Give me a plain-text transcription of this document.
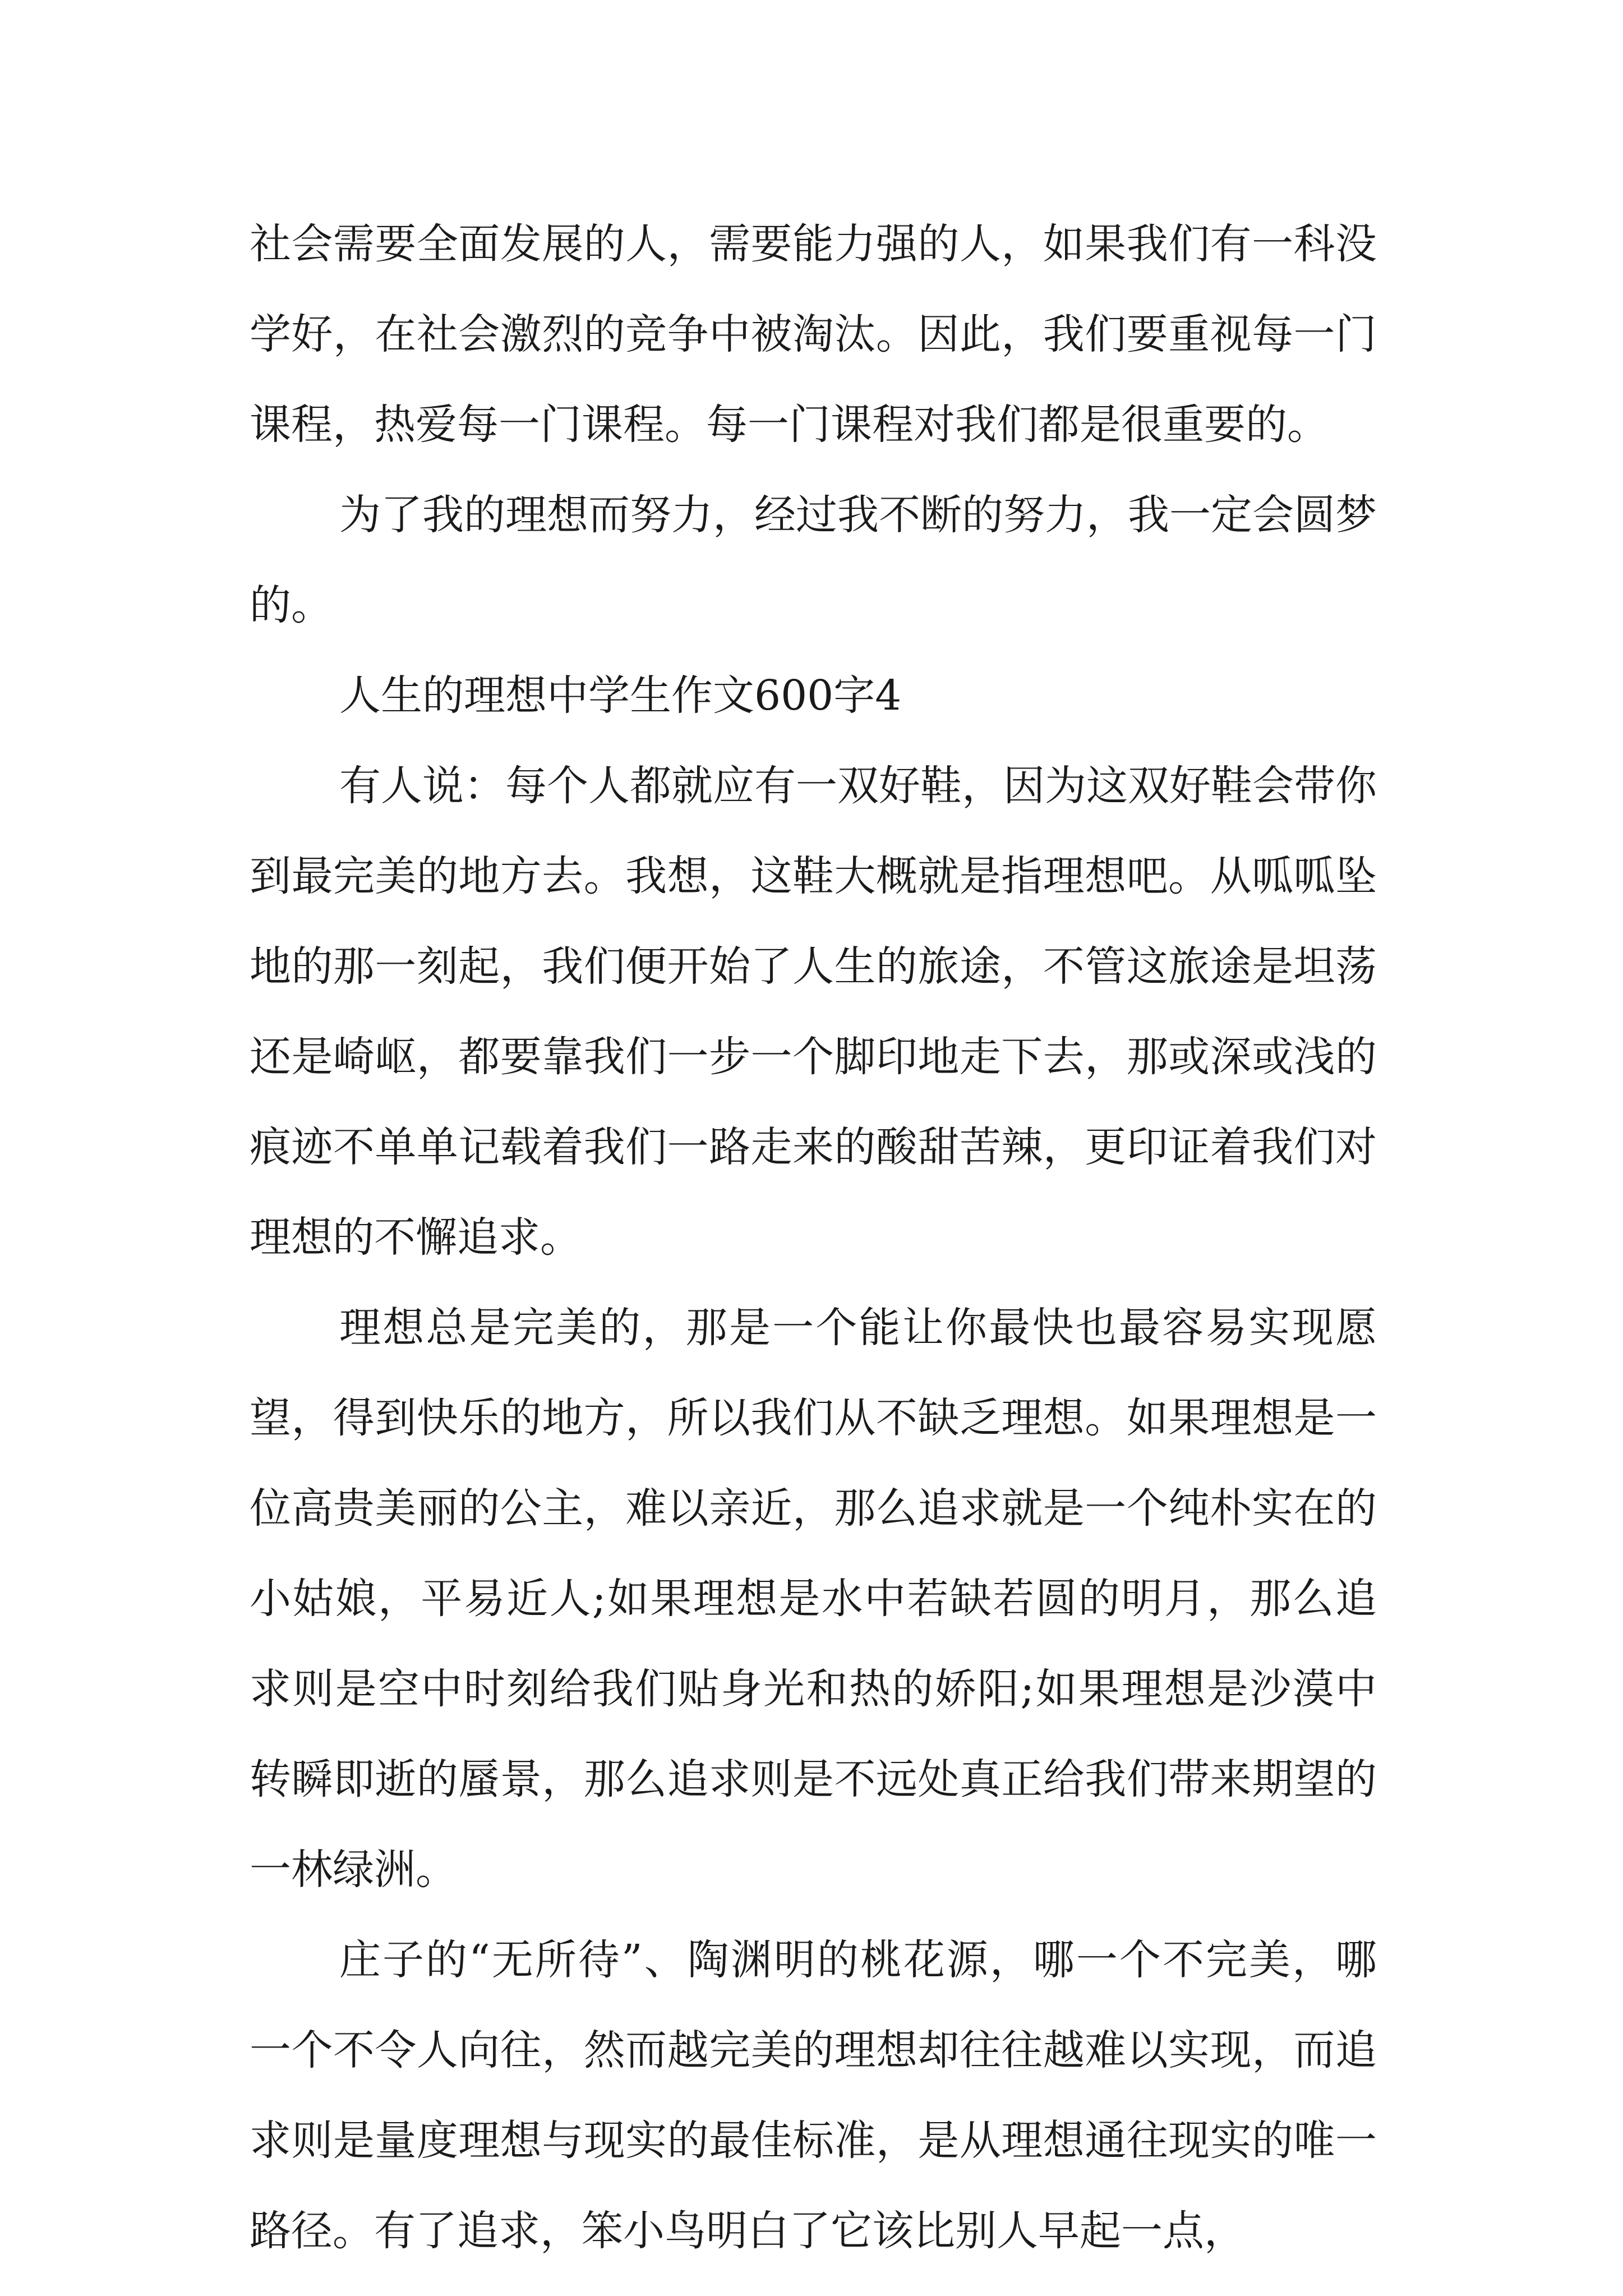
社会需要全面发展的人，需要能力强的人，如果我们有一科没学好，在社会激烈的竞争中被淘汰。因此，我们要重视每一门课程，热爱每一门课程。每一门课程对我们都是很重要的。

为了我的理想而努力，经过我不断的努力，我一定会圆梦的。

人生的理想中学生作文600字4

有人说：每个人都就应有一双好鞋，因为这双好鞋会带你到最完美的地方去。我想，这鞋大概就是指理想吧。从呱呱坠地的那一刻起，我们便开始了人生的旅途，不管这旅途是坦荡还是崎岖，都要靠我们一步一个脚印地走下去，那或深或浅的痕迹不单单记载着我们一路走来的酸甜苦辣，更印证着我们对理想的不懈追求。

理想总是完美的，那是一个能让你最快也最容易实现愿望，得到快乐的地方，所以我们从不缺乏理想。如果理想是一位高贵美丽的公主，难以亲近，那么追求就是一个纯朴实在的小姑娘，平易近人;如果理想是水中若缺若圆的明月，那么追求则是空中时刻给我们贴身光和热的娇阳;如果理想是沙漠中转瞬即逝的蜃景，那么追求则是不远处真正给我们带来期望的一林绿洲。

庄子的“无所待”、陶渊明的桃花源，哪一个不完美，哪一个不令人向往，然而越完美的理想却往往越难以实现，而追求则是量度理想与现实的最佳标准，是从理想通往现实的唯一路径。有了追求，笨小鸟明白了它该比别人早起一点，
